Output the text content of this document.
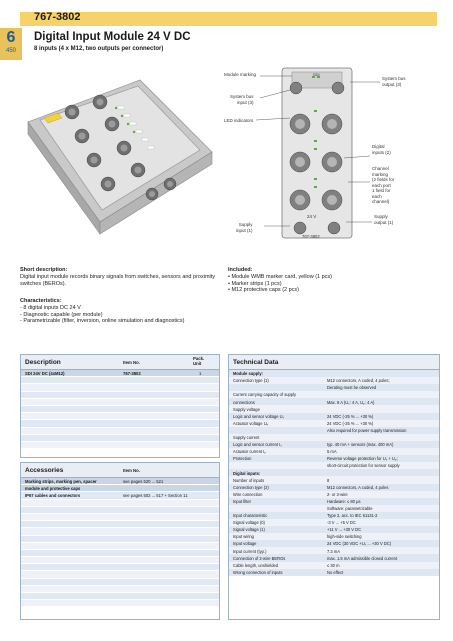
767-3802
6
450
Digital Input Module 24 V DC
8 inputs (4 x M12, two outputs per connector)
SDI
24 V
767-3802
Module marking
System bus
input (3)
LED indicators
System bus
output (3)
Digital
inputs (2)
Channel
marking
(2 fields for
each port
1 field for
each
channel)
Supply
output (1)
Supply
input (1)
Short description:
Digital input module records binary signals from switches, sensors and proximity switches (BEROs).
Characteristics:
- 8 digital inputs DC 24 V
- Diagnostic capable (per module)
- Parametrizable (filter, inversion, online simulation and diagnostics)
Included:
• Module WMB marker card, yellow (1 pcs)
• Marker strips (1 pcs)
• M12 protective caps (2 pcs)
Description	Item No.
Pack.
Unit
SDI 24V DC (4xM12)	767-3802	1
Accessories	Item No.
Marking strips, marking pen, spacer	see pages 520 ... 521
module and protective caps
IP67 cables and connectors	see pages 502 ... 517 + Section 11
Technical Data
Module supply:
Connection type (1)	M12 connectors, A coded, 4 poles;
Derating must be observed
Current carrying capacity of supply
connections	Max. 8 A (Uₛ: 4 A, Uₚ: 4 A)
Supply voltage
Logic and sensor voltage Uₛ	24 VDC (-25 % ... +30 %)
Actuator voltage Uₚ	24 VDC (-25 % ... +30 %)
Also required for power supply transmission
Supply current
Logic and sensor current Iₛ	typ. 40 mA + sensors (max. 400 mA)
Actuator current Iₚ	5 mA
Protection	Reverse voltage protection for Uₛ + Uₚ;
short-circuit protection for sensor supply
Digital inputs:
Number of inputs	8
Connection type (2)	M12 connectors, A coded, 4 poles
Wire connection	2- or 3-wire
Input filter	Hardware: ≤ 80 μs
Software: parametrizable
Input characteristic	Type 2, acc. to IEC 61131-2
Signal voltage (0)	-3 V ... +5 V DC
Signal voltage (1)	+11 V ... +30 V DC
Input wiring	high-side switching
Input voltage	24 VDC (30 VDC +Uₛ ... +30 V DC)
Input current (typ.)	7.3 mA
Connection of 2-wire BEROs	max. 1.5 mA admissible closed current
Cable length, unshielded	≤ 30 m
Wrong connection of inputs	No effect
